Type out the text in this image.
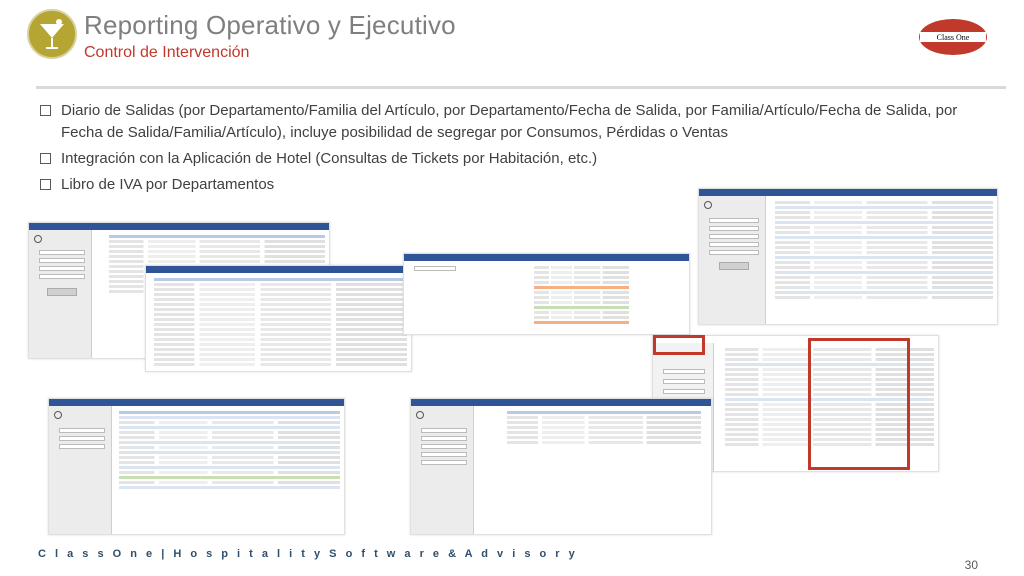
Reporting Operativo y Ejecutivo
Control de Intervención
Class One
Diario de Salidas (por Departamento/Familia del Artículo, por Departamento/Fecha de Salida, por Familia/Artículo/Fecha de Salida, por Fecha de Salida/Familia/Artículo), incluye posibilidad de segregar por Consumos, Pérdidas o Ventas
Integración con la Aplicación de Hotel (Consultas de Tickets por Habitación, etc.)
Libro de IVA por Departamentos
C l a s s O n e | H o s p i t a l i t y S o f t w a r e & A d v i s o r y
30
